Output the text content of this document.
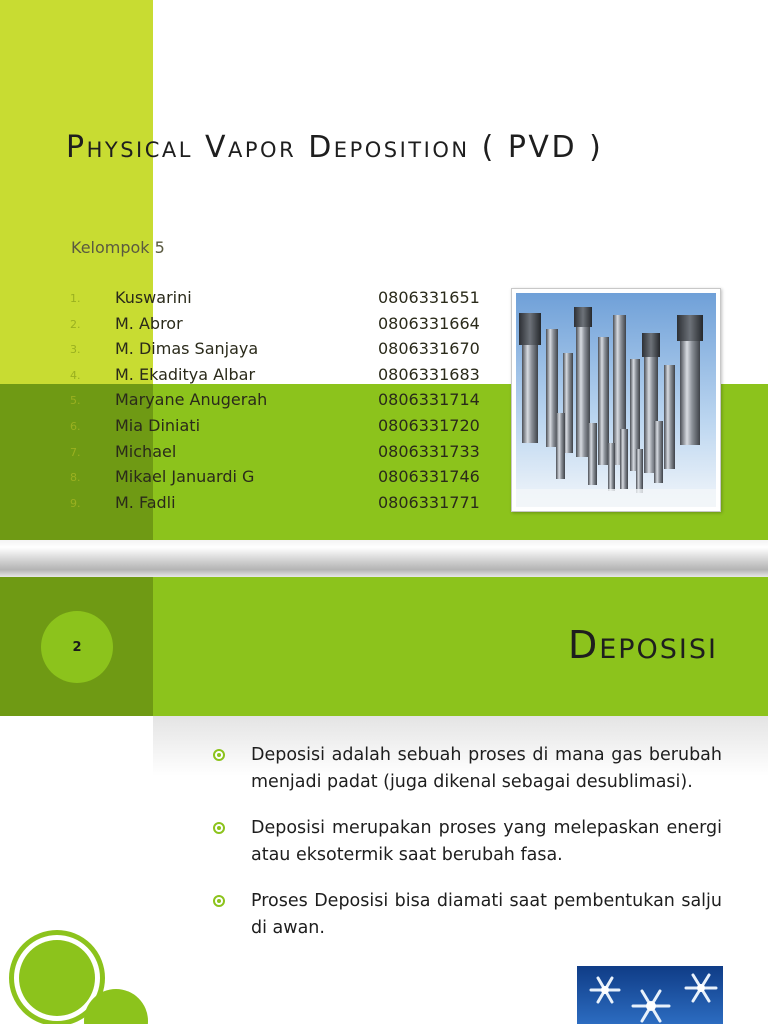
Physical Vapor Deposition ( PVD )
Kelompok 5
1.	Kuswarini	0806331651
2.	M. Abror	0806331664
3.	M. Dimas Sanjaya	0806331670
4.	M. Ekaditya Albar	0806331683
5.	Maryane Anugerah	0806331714
6.	Mia Diniati	0806331720
7.	Michael	0806331733
8.	Mikael Januardi G	0806331746
9.	M. Fadli	0806331771
2	Deposisi
Deposisi adalah sebuah proses di mana gas berubah menjadi padat (juga dikenal sebagai desublimasi).
Deposisi merupakan proses yang melepaskan energi atau eksotermik saat berubah fasa.
Proses Deposisi bisa diamati saat pembentukan salju di awan.
